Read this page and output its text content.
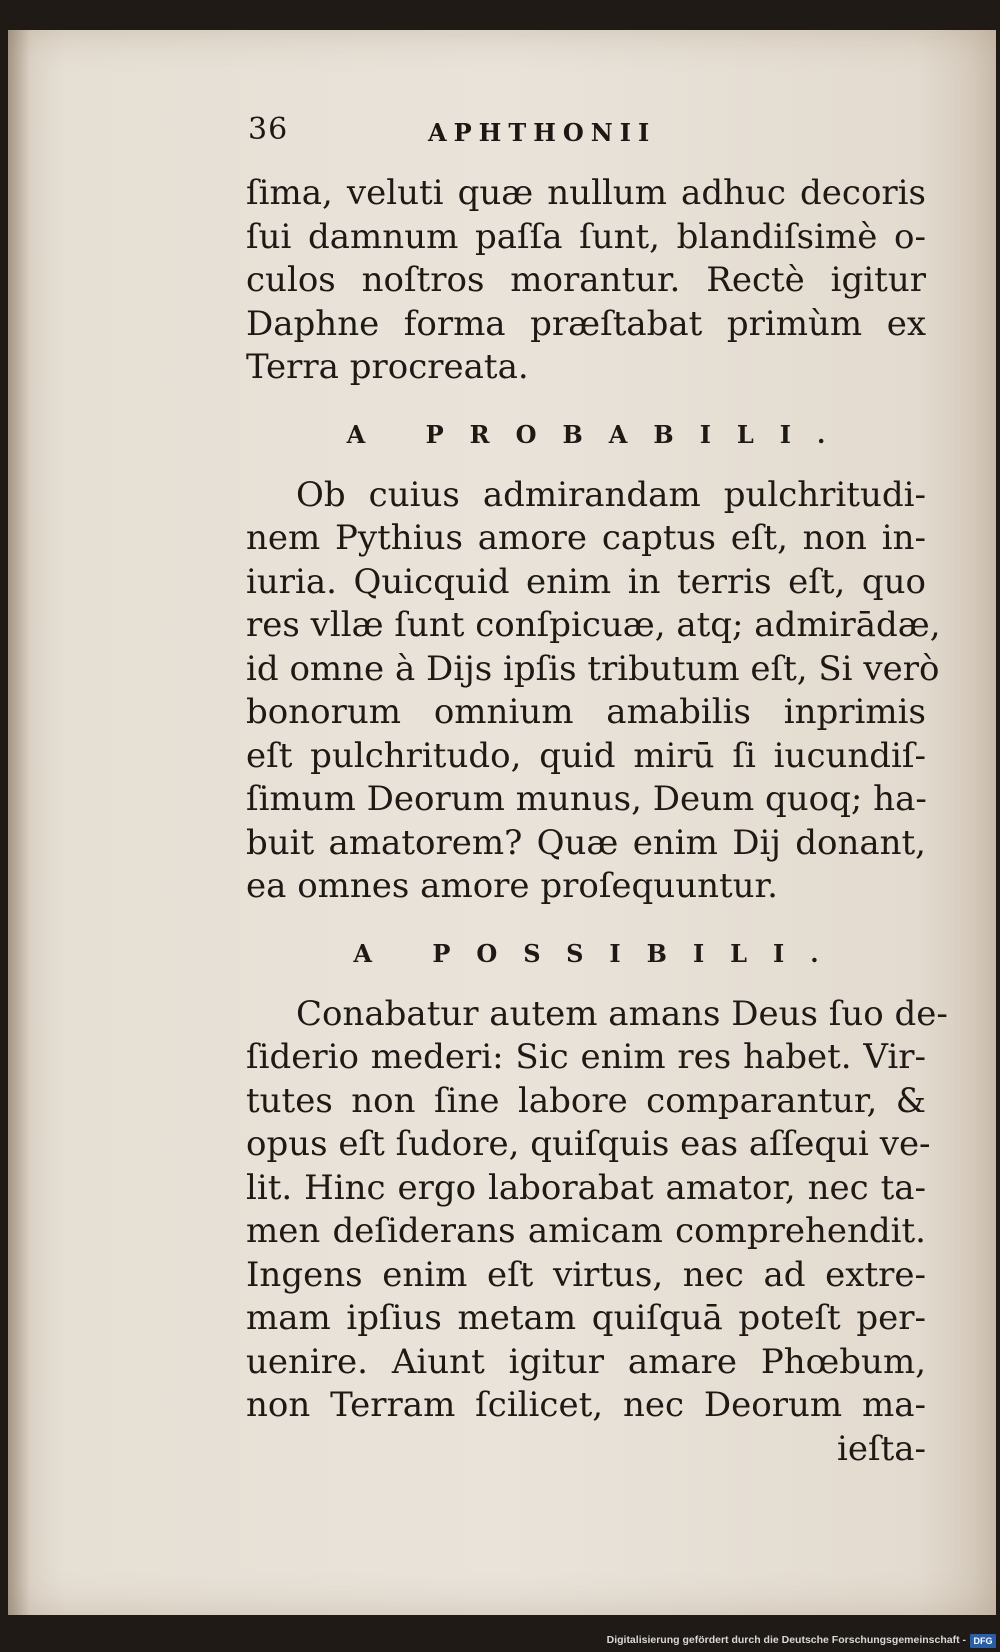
36	APHTHONII
ſima, veluti quæ nullum adhuc decoris
ſui damnum paſſa ſunt, blandiſsimè o-
culos noſtros morantur. Rectè igitur
Daphne forma præſtabat primùm ex
Terra procreata.
A PROBABILI.
Ob cuius admirandam pulchritudi-
nem Pythius amore captus eſt, non in-
iuria. Quicquid enim in terris eſt, quo
res vllæ ſunt conſpicuæ, atq; admirādæ,
id omne à Dijs ipſis tributum eſt, Si verò
bonorum omnium amabilis inprimis
eſt pulchritudo, quid mirū ſi iucundiſ-
ſimum Deorum munus, Deum quoq; ha-
buit amatorem? Quæ enim Dij donant,
ea omnes amore proſequuntur.
A POSSIBILI.
Conabatur autem amans Deus ſuo de-
ſiderio mederi: Sic enim res habet. Vir-
tutes non ſine labore comparantur, &
opus eſt ſudore, quiſquis eas aſſequi ve-
lit. Hinc ergo laborabat amator, nec ta-
men deſiderans amicam comprehendit.
Ingens enim eſt virtus, nec ad extre-
mam ipſius metam quiſquā poteſt per-
uenire. Aiunt igitur amare Phœbum,
non Terram ſcilicet, nec Deorum ma-
ieſta-
Digitalisierung gefördert durch die Deutsche Forschungsgemeinschaft - DFG
